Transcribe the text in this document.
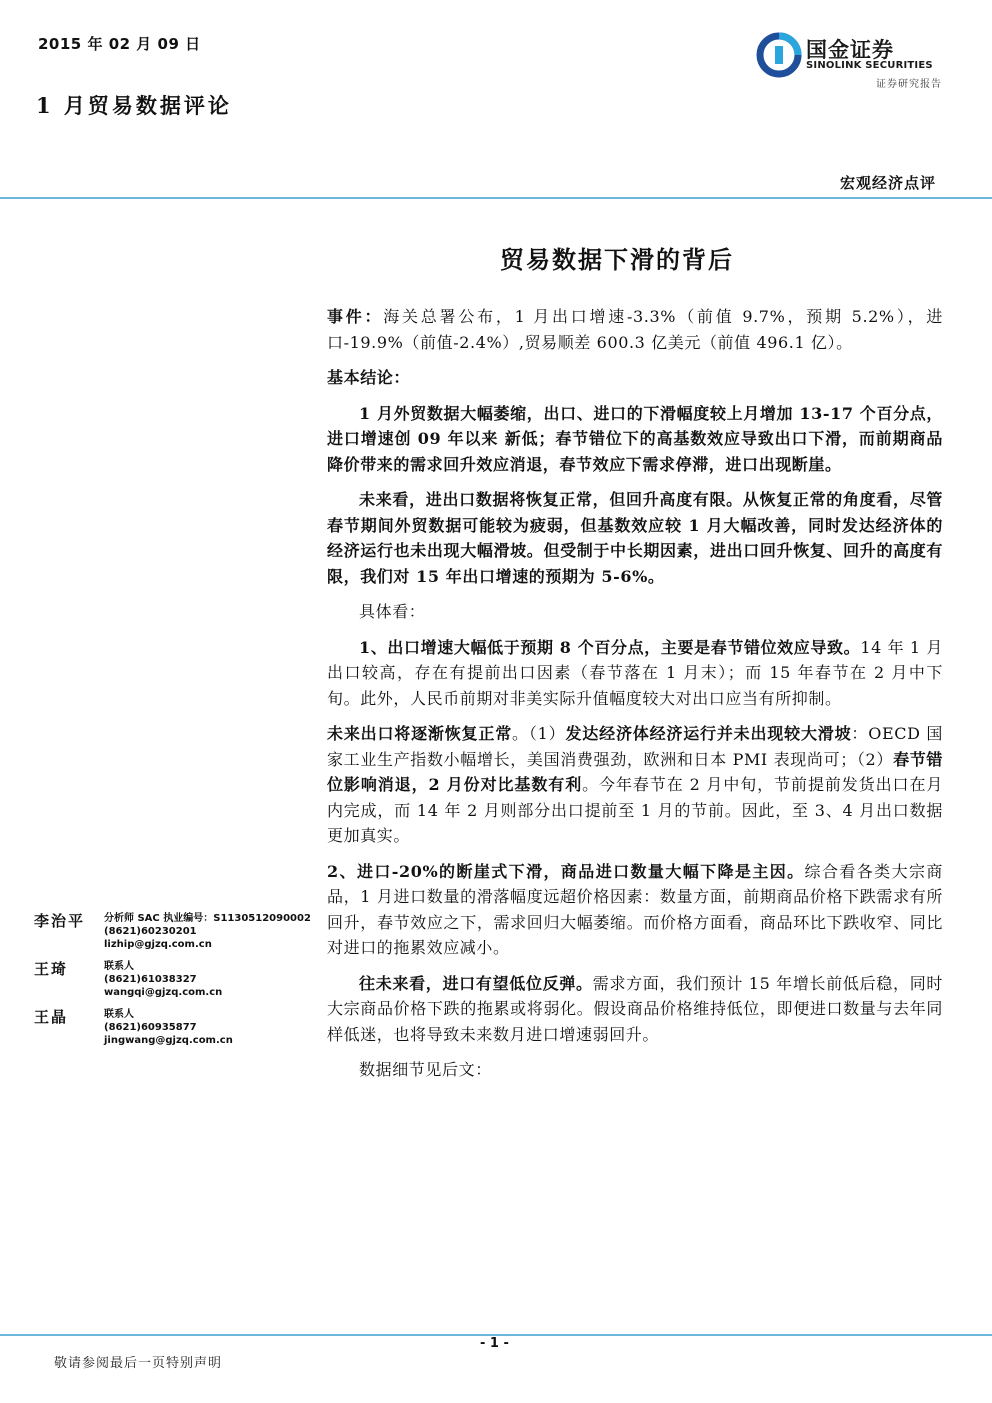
2015 年 02 月 09 日
1 月贸易数据评论
国金证券
SINOLINK SECURITIES
证券研究报告
宏观经济点评
贸易数据下滑的背后

事件：海关总署公布，1 月出口增速-3.3%（前值 9.7%，预期 5.2%），进口-19.9%（前值-2.4%）,贸易顺差 600.3 亿美元（前值 496.1 亿）。

基本结论：

1 月外贸数据大幅萎缩，出口、进口的下滑幅度较上月增加 13-17 个百分点，进口增速创 09 年以来 新低；春节错位下的高基数效应导致出口下滑，而前期商品降价带来的需求回升效应消退，春节效应下需求停滞，进口出现断崖。

未来看，进出口数据将恢复正常，但回升高度有限。从恢复正常的角度看，尽管春节期间外贸数据可能较为疲弱，但基数效应较 1 月大幅改善，同时发达经济体的经济运行也未出现大幅滑坡。但受制于中长期因素，进出口回升恢复、回升的高度有限，我们对 15 年出口增速的预期为 5-6%。

具体看：

1、出口增速大幅低于预期 8 个百分点，主要是春节错位效应导致。14 年 1 月出口较高，存在有提前出口因素（春节落在 1 月末）；而 15 年春节在 2 月中下旬。此外，人民币前期对非美实际升值幅度较大对出口应当有所抑制。

未来出口将逐渐恢复正常。（1）发达经济体经济运行并未出现较大滑坡：OECD 国家工业生产指数小幅增长，美国消费强劲，欧洲和日本 PMI 表现尚可；（2）春节错位影响消退，2 月份对比基数有利。今年春节在 2 月中旬，节前提前发货出口在月内完成，而 14 年 2 月则部分出口提前至 1 月的节前。因此，至 3、4 月出口数据更加真实。

2、进口-20%的断崖式下滑，商品进口数量大幅下降是主因。综合看各类大宗商品，1 月进口数量的滑落幅度远超价格因素：数量方面，前期商品价格下跌需求有所回升，春节效应之下，需求回归大幅萎缩。而价格方面看，商品环比下跌收窄、同比对进口的拖累效应减小。

往未来看，进口有望低位反弹。需求方面，我们预计 15 年增长前低后稳，同时大宗商品价格下跌的拖累或将弱化。假设商品价格维持低位，即便进口数量与去年同样低迷，也将导致未来数月进口增速弱回升。

数据细节见后文：

李治平 分析师 SAC 执业编号：S1130512090002
(8621)60230201
lizhip@gjzq.com.cn
王琦	联系人
(8621)61038327
wangqi@gjzq.com.cn
王晶	联系人
(8621)60935877
jingwang@gjzq.com.cn
- 1 -
敬请参阅最后一页特别声明
